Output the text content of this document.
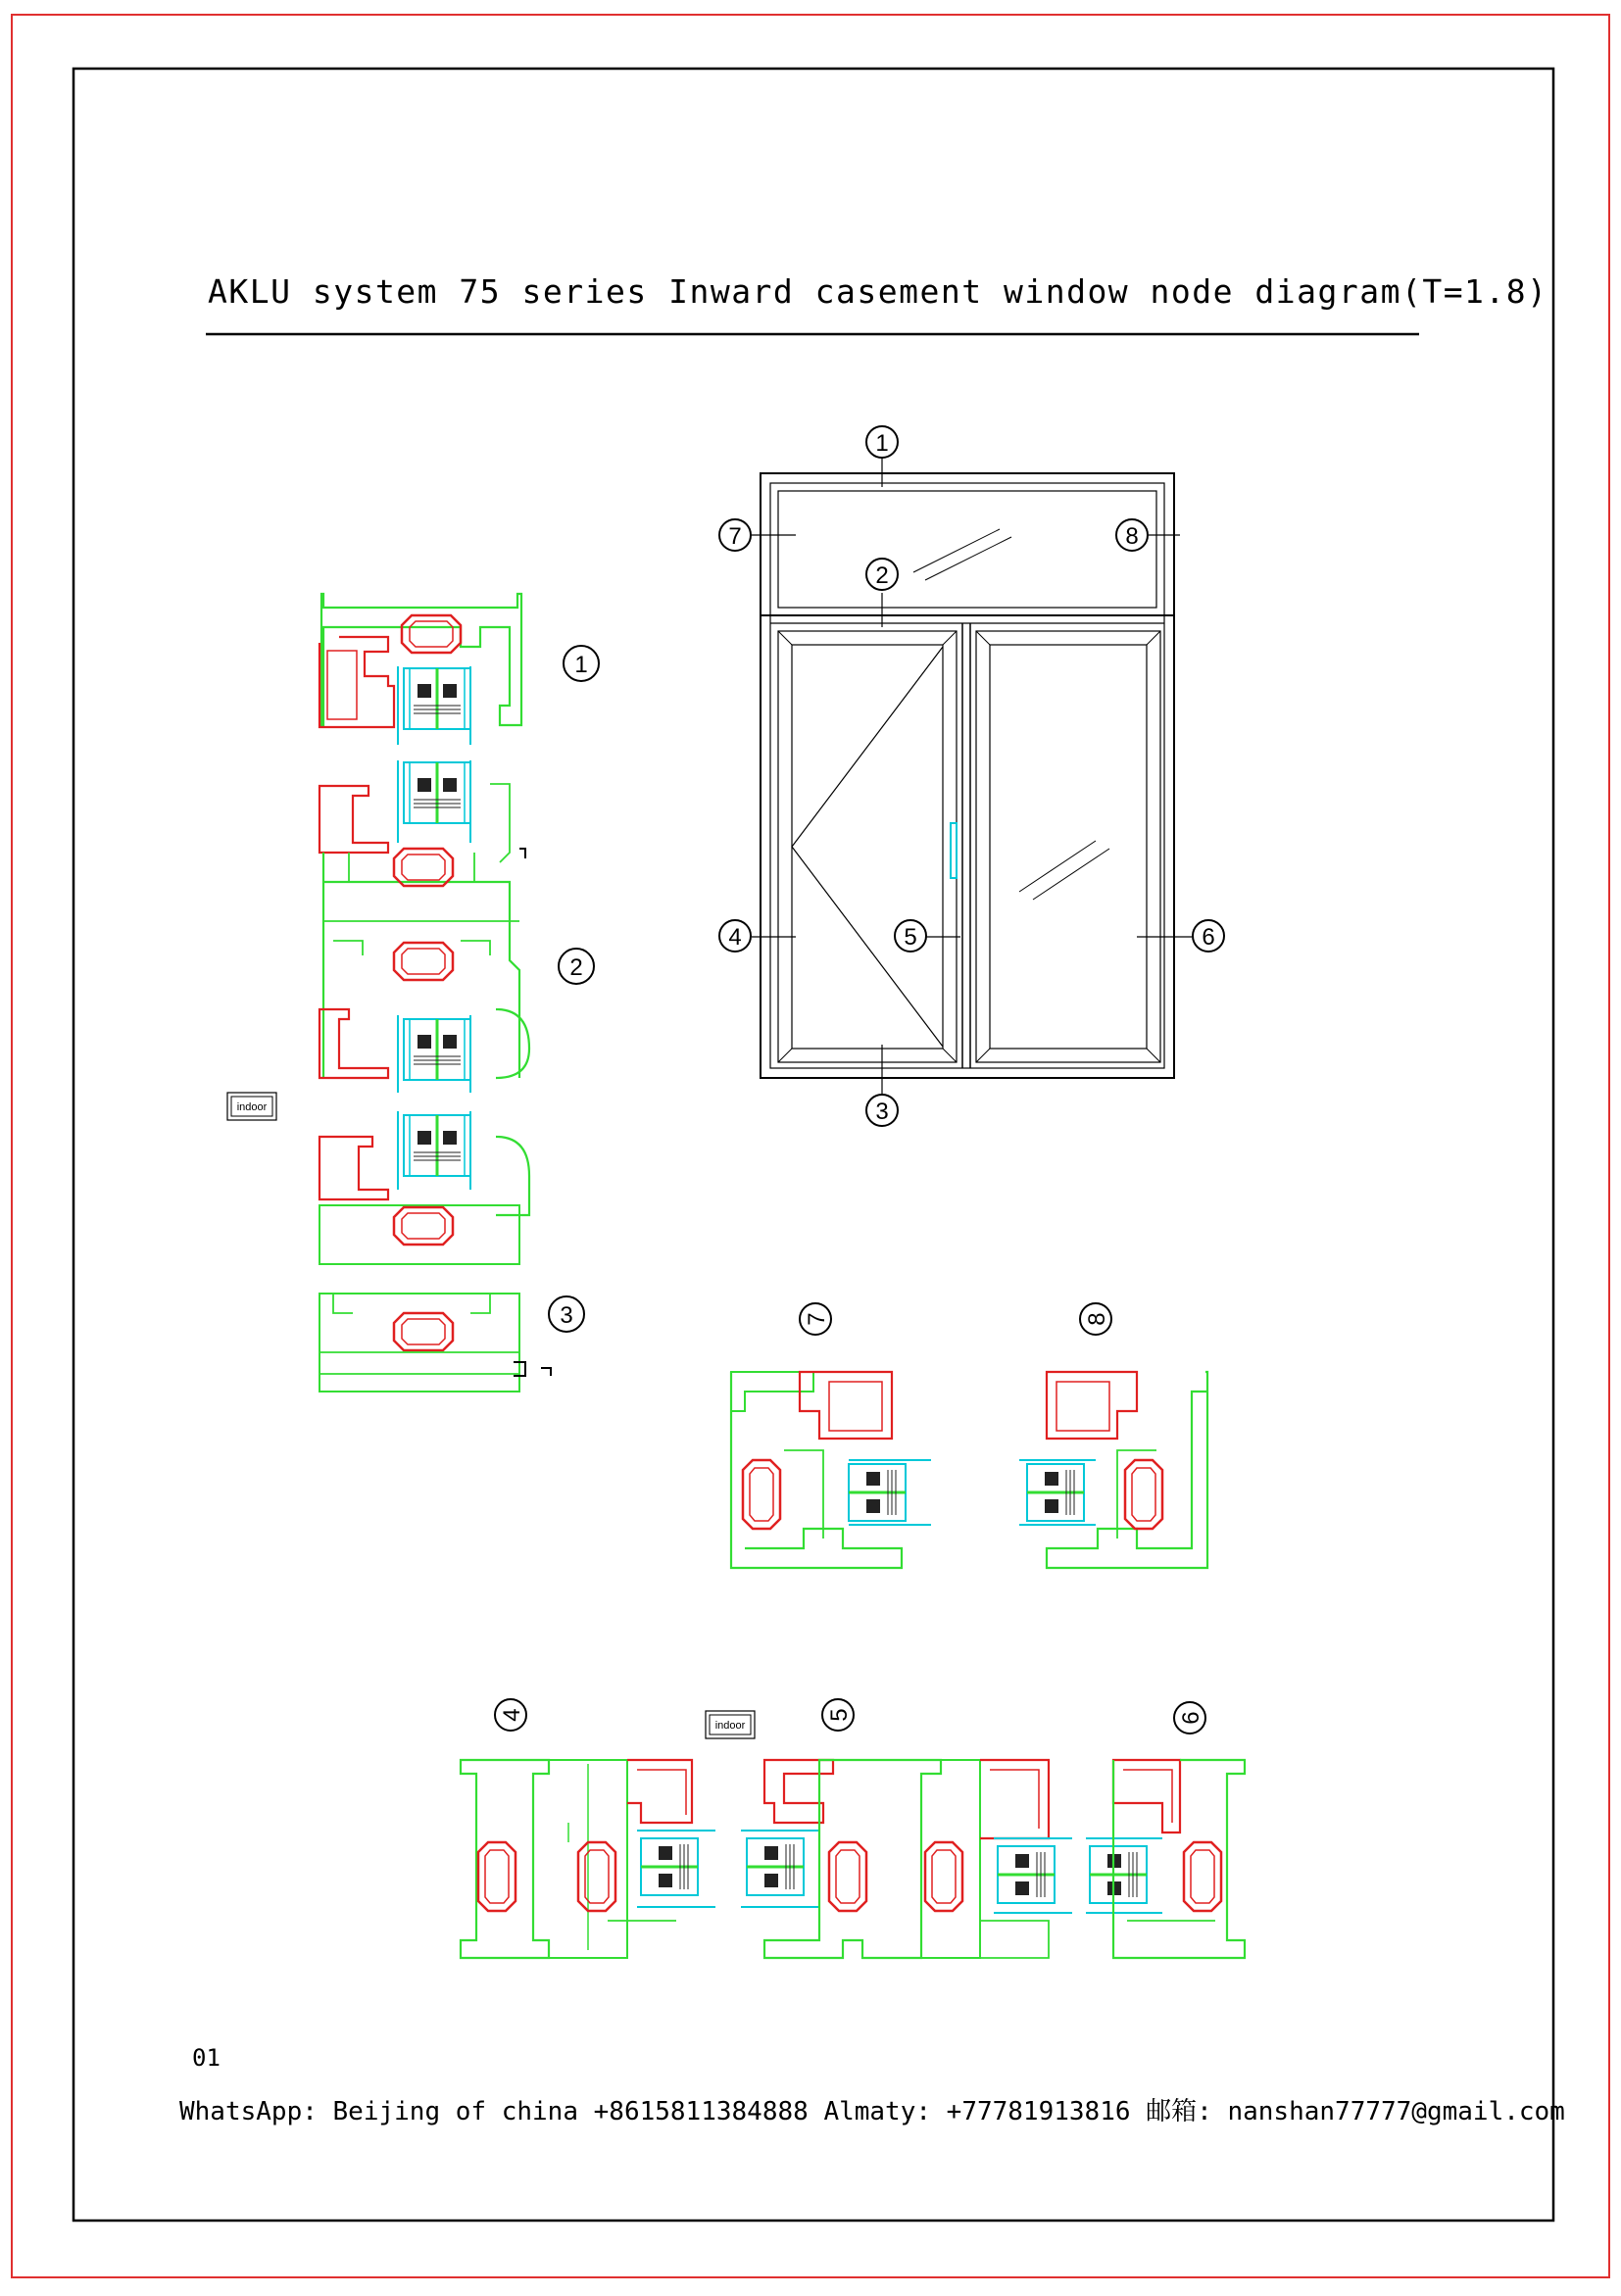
indoor
indoor
1
2
3
4	5	6
7	8
1
2
3	7	8
4	5	6
AKLU system 75 series Inward casement window node diagram(T=1.8)
01
WhatsApp: Beijing of china +8615811384888 Almaty: +77781913816 邮箱: nanshan77777@gmail.com
